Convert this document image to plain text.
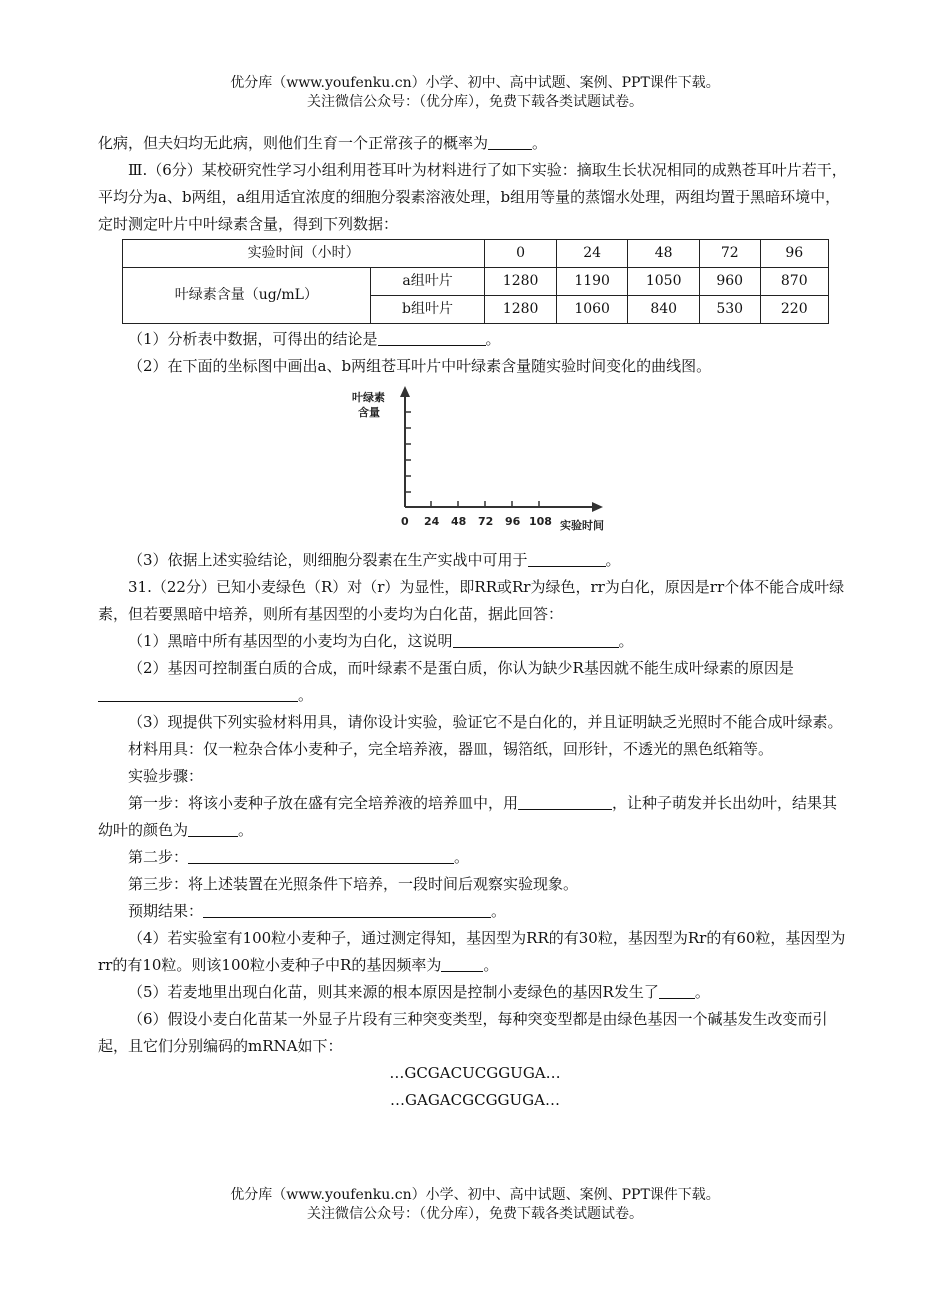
优分库（www.youfenku.cn）小学、初中、高中试题、案例、PPT课件下载。
关注微信公众号：（优分库），免费下载各类试题试卷。

化病，但夫妇均无此病，则他们生育一个正常孩子的概率为	。

Ⅲ.（6分）某校研究性学习小组利用苍耳叶为材料进行了如下实验：摘取生长状况相同的成熟苍耳叶片若干，平均分为a、b两组，a组用适宜浓度的细胞分裂素溶液处理，b组用等量的蒸馏水处理，两组均置于黑暗环境中，定时测定叶片中叶绿素含量，得到下列数据：

实验时间（小时）		0	24	48	72	96
叶绿素含量（ug/mL）	a组叶片	1280	1190	1050	960	870
	b组叶片	1280	1060	840	530	220

（1）分析表中数据，可得出的结论是	。

（2）在下面的坐标图中画出a、b两组苍耳叶片中叶绿素含量随实验时间变化的曲线图。

叶绿素
含量
0 24 48 72 96 108 实验时间

（3）依据上述实验结论，则细胞分裂素在生产实战中可用于	。

31.（22分）已知小麦绿色（R）对（r）为显性，即RR或Rr为绿色，rr为白化，原因是rr个体不能合成叶绿素，但若要黑暗中培养，则所有基因型的小麦均为白化苗，据此回答：

（1）黑暗中所有基因型的小麦均为白化，这说明	。

（2）基因可控制蛋白质的合成，而叶绿素不是蛋白质，你认为缺少R基因就不能生成叶绿素的原因是。

（3）现提供下列实验材料用具，请你设计实验，验证它不是白化的，并且证明缺乏光照时不能合成叶绿素。

材料用具：仅一粒杂合体小麦种子，完全培养液，器皿，锡箔纸，回形针，不透光的黑色纸箱等。

实验步骤：

第一步：将该小麦种子放在盛有完全培养液的培养皿中，用	，让种子萌发并长出幼叶，结果其幼叶的颜色为	。

第二步：	。

第三步：将上述装置在光照条件下培养，一段时间后观察实验现象。

预期结果：	。

（4）若实验室有100粒小麦种子，通过测定得知，基因型为RR的有30粒，基因型为Rr的有60粒，基因型为rr的有10粒。则该100粒小麦种子中R的基因频率为	。

（5）若麦地里出现白化苗，则其来源的根本原因是控制小麦绿色的基因R发生了 。

（6）假设小麦白化苗某一外显子片段有三种突变类型，每种突变型都是由绿色基因一个碱基发生改变而引起，且它们分别编码的mRNA如下：

…GCGACUCGGUGA…

…GAGACGCGGUGA…

优分库（www.youfenku.cn）小学、初中、高中试题、案例、PPT课件下载。
关注微信公众号：（优分库），免费下载各类试题试卷。
